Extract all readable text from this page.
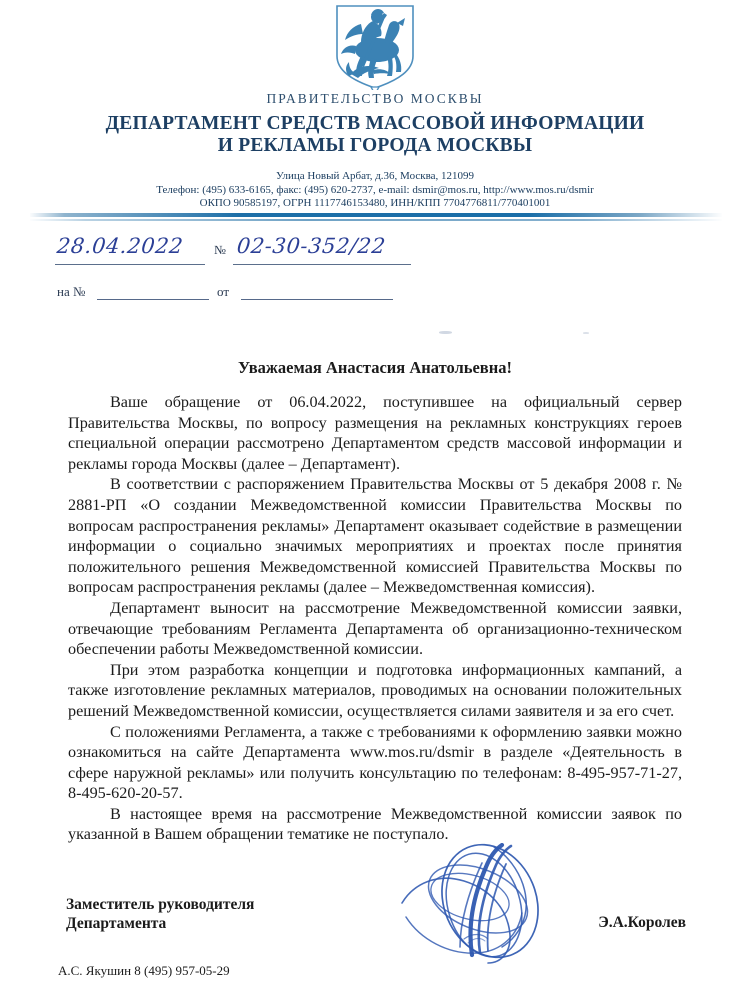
ПРАВИТЕЛЬСТВО МОСКВЫ
ДЕПАРТАМЕНТ СРЕДСТВ МАССОВОЙ ИНФОРМАЦИИ
И РЕКЛАМЫ ГОРОДА МОСКВЫ
Улица Новый Арбат, д.36, Москва, 121099
Телефон: (495) 633-6165, факс: (495) 620-2737, e-mail: dsmir@mos.ru, http://www.mos.ru/dsmir
ОКПО 90585197, ОГРН 1117746153480, ИНН/КПП 7704776811/770401001
28.04.2022 № 02-30-352/22
на №	от
Уважаемая Анастасия Анатольевна!

Ваше обращение от 06.04.2022, поступившее на официальный сервер Правительства Москвы, по вопросу размещения на рекламных конструкциях героев специальной операции рассмотрено Департаментом средств массовой информации и рекламы города Москвы (далее – Департамент).

В соответствии с распоряжением Правительства Москвы от 5 декабря 2008 г. № 2881-РП «О создании Межведомственной комиссии Правительства Москвы по вопросам распространения рекламы» Департамент оказывает содействие в размещении информации о социально значимых мероприятиях и проектах после принятия положительного решения Межведомственной комиссией Правительства Москвы по вопросам распространения рекламы (далее – Межведомственная комиссия).

Департамент выносит на рассмотрение Межведомственной комиссии заявки, отвечающие требованиям Регламента Департамента об организационно-техническом обеспечении работы Межведомственной комиссии.

При этом разработка концепции и подготовка информационных кампаний, а также изготовление рекламных материалов, проводимых на основании положительных решений Межведомственной комиссии, осуществляется силами заявителя и за его счет.

С положениями Регламента, а также с требованиями к оформлению заявки можно ознакомиться на сайте Департамента www.mos.ru/dsmir в разделе «Деятельность в сфере наружной рекламы» или получить консультацию по телефонам: 8-495-957-71-27, 8-495-620-20-57.

В настоящее время на рассмотрение Межведомственной комиссии заявок по указанной в Вашем обращении тематике не поступало.

Заместитель руководителя
Департамента	Э.А.Королев
А.С. Якушин 8 (495) 957-05-29
